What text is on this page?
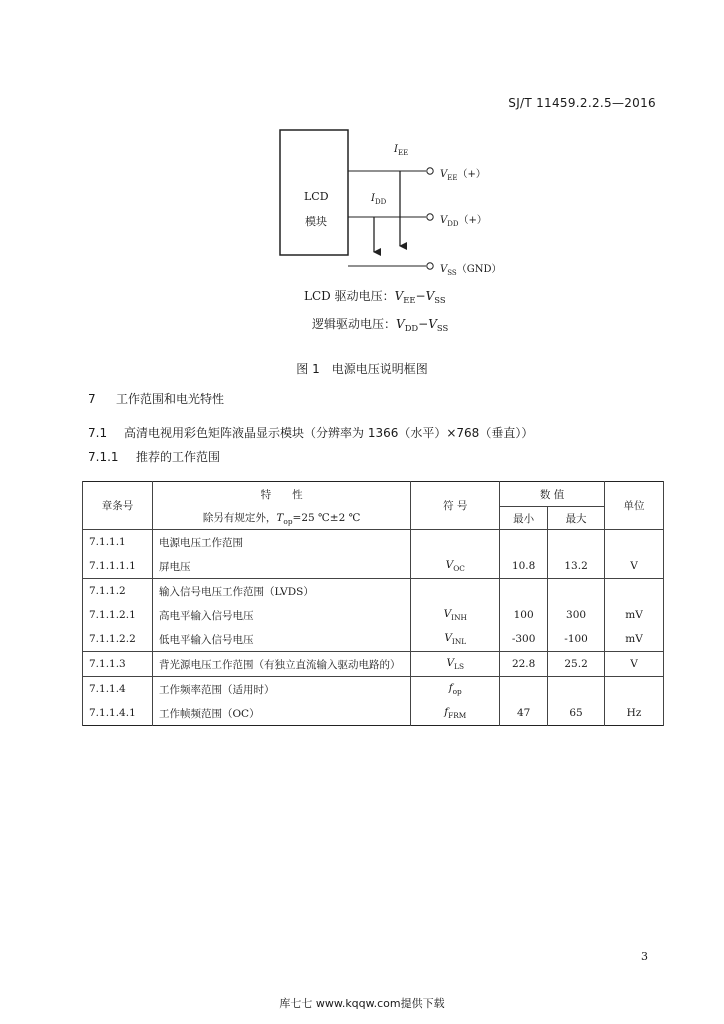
SJ/T 11459.2.2.5—2016
LCD
模块
$I_{EE}$
$I_{DD}$
$V_{EE}(+)$
$V_{DD}(+)$
$V_{SS}(GND)$
LCD 驱动电压：$V_{EE}-V_{SS}$
逻辑驱动电压：$V_{DD}-V_{SS}$
图 1　电源电压说明框图
7 工作范围和电光特性
7.1 高清电视用彩色矩阵液晶显示模块（分辨率为 1366（水平）×768（垂直））
7.1.1 推荐的工作范围
章条号	特　　性	符 号	数 值		单位
	除另有规定外，$T_{op}=25$ ℃±2 ℃		最小	最大	
7.1.1.1	电源电压工作范围				
7.1.1.1.1	屏电压	$V_{OC}$	10.8	13.2	V
7.1.1.2	输入信号电压工作范围（LVDS）				
7.1.1.2.1	高电平输入信号电压	$V_{INH}$	100	300	mV
7.1.1.2.2	低电平输入信号电压	$V_{INL}$	-300	-100	mV
7.1.1.3	背光源电压工作范围（有独立直流输入驱动电路的）	$V_{LS}$	22.8	25.2	V
7.1.1.4	工作频率范围（适用时）	$f_{op}$			
7.1.1.4.1	工作帧频范围（OC）	$f_{FRM}$	47	65	Hz
3
库七七 www.kqqw.com提供下载
